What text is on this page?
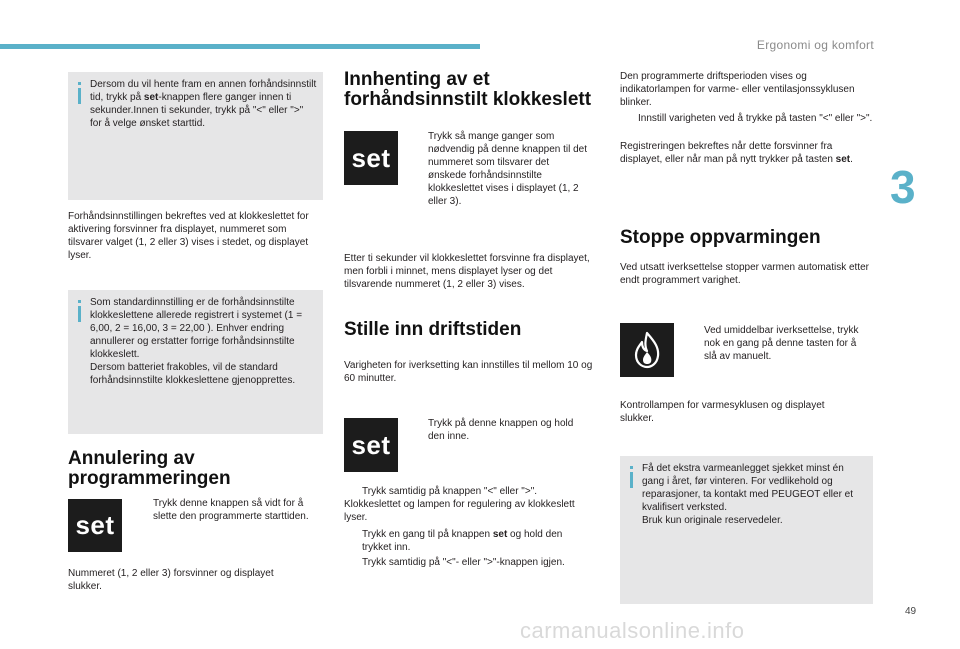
Ergonomi og komfort
3
Dersom du vil hente fram en annen forhåndsinnstilt tid, trykk på set-knappen flere ganger innen ti sekunder.Innen ti sekunder, trykk på "<" eller ">" for å velge ønsket starttid.

Forhåndsinnstillingen bekreftes ved at klokkeslettet for aktivering forsvinner fra displayet, nummeret som tilsvarer valget (1, 2 eller 3) vises i stedet, og displayet lyser.

Som standardinnstilling er de forhåndsinnstilte klokkeslettene allerede registrert i systemet (1 = 6,00, 2 = 16,00, 3 = 22,00 ). Enhver endring annullerer og erstatter forrige forhåndsinnstilte klokkeslett.
Dersom batteriet frakobles, vil de standard forhåndsinnstilte klokkeslettene gjenopprettes.
Annulering av programmeringen
set
Trykk denne knappen så vidt for å slette den programmerte starttiden.

Nummeret (1, 2 eller 3) forsvinner og displayet slukker.

Innhenting av et forhåndsinnstilt klokkeslett
set
Trykk så mange ganger som nødvendig på denne knappen til det nummeret som tilsvarer det ønskede forhåndsinnstilte klokkeslettet vises i displayet (1, 2 eller 3).

Etter ti sekunder vil klokkeslettet forsvinne fra displayet, men forbli i minnet, mens displayet lyser og det tilsvarende nummeret (1, 2 eller 3) vises.

Stille inn driftstiden

Varigheten for iverksetting kan innstilles til mellom 10 og 60 minutter.

set
Trykk på denne knappen og hold den inne.
Trykk samtidig på knappen "<" eller ">".
Klokkeslettet og lampen for regulering av klokkeslett lyser.
Trykk en gang til på knappen set og hold den trykket inn.
Trykk samtidig på "<"- eller ">"-knappen igjen.

Den programmerte driftsperioden vises og indikatorlampen for varme- eller ventilasjonssyklusen blinker.

Innstill varigheten ved å trykke på tasten "<" eller ">".
Registreringen bekreftes når dette forsvinner fra displayet, eller når man på nytt trykker på tasten set.
Stoppe oppvarmingen

Ved utsatt iverksettelse stopper varmen automatisk etter endt programmert varighet.

Ved umiddelbar iverksettelse, trykk nok en gang på denne tasten for å slå av manuelt.

Kontrollampen for varmesyklusen og displayet slukker.

Få det ekstra varmeanlegget sjekket minst én gang i året, før vinteren. For vedlikehold og reparasjoner, ta kontakt med PEUGEOT eller et kvalifisert verksted.
Bruk kun originale reservedeler.
49
carmanualsonline.info
